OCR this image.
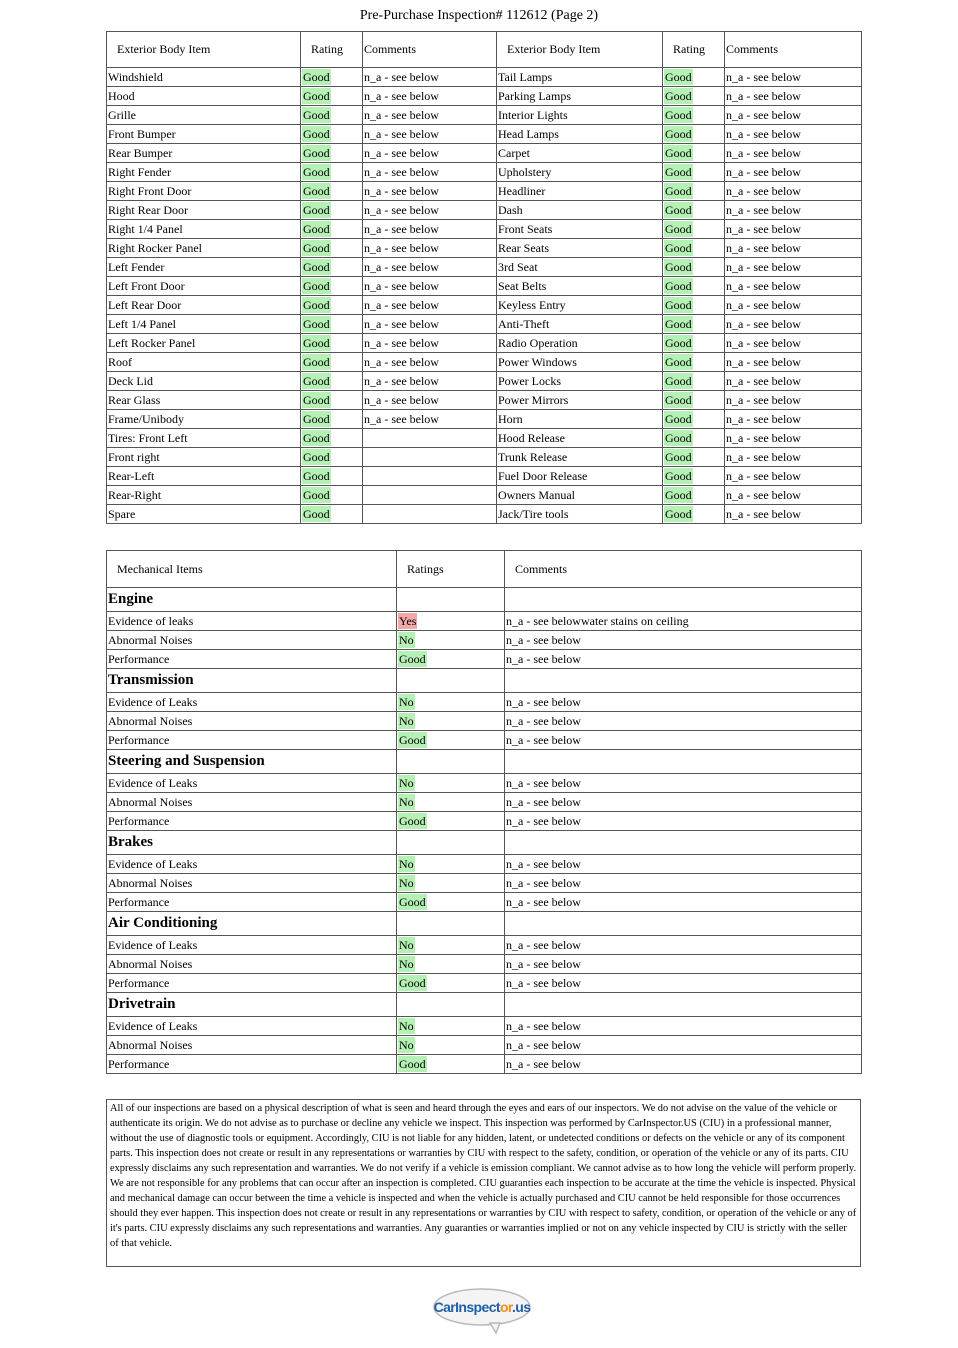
Pre-Purchase Inspection# 112612 (Page 2)
Exterior Body Item	Rating	Comments	Exterior Body Item	Rating	Comments
Windshield	Good	n_a - see below	Tail Lamps	Good	n_a - see below
Hood	Good	n_a - see below	Parking Lamps	Good	n_a - see below
Grille	Good	n_a - see below	Interior Lights	Good	n_a - see below
Front Bumper	Good	n_a - see below	Head Lamps	Good	n_a - see below
Rear Bumper	Good	n_a - see below	Carpet	Good	n_a - see below
Right Fender	Good	n_a - see below	Upholstery	Good	n_a - see below
Right Front Door	Good	n_a - see below	Headliner	Good	n_a - see below
Right Rear Door	Good	n_a - see below	Dash	Good	n_a - see below
Right 1/4 Panel	Good	n_a - see below	Front Seats	Good	n_a - see below
Right Rocker Panel	Good	n_a - see below	Rear Seats	Good	n_a - see below
Left Fender	Good	n_a - see below	3rd Seat	Good	n_a - see below
Left Front Door	Good	n_a - see below	Seat Belts	Good	n_a - see below
Left Rear Door	Good	n_a - see below	Keyless Entry	Good	n_a - see below
Left 1/4 Panel	Good	n_a - see below	Anti-Theft	Good	n_a - see below
Left Rocker Panel	Good	n_a - see below	Radio Operation	Good	n_a - see below
Roof	Good	n_a - see below	Power Windows	Good	n_a - see below
Deck Lid	Good	n_a - see below	Power Locks	Good	n_a - see below
Rear Glass	Good	n_a - see below	Power Mirrors	Good	n_a - see below
Frame/Unibody	Good	n_a - see below	Horn	Good	n_a - see below
Tires: Front Left	Good		Hood Release	Good	n_a - see below
Front right	Good		Trunk Release	Good	n_a - see below
Rear-Left	Good		Fuel Door Release	Good	n_a - see below
Rear-Right	Good		Owners Manual	Good	n_a - see below
Spare	Good		Jack/Tire tools	Good	n_a - see below
Mechanical Items	Ratings	Comments
Engine		
Evidence of leaks	Yes	n_a - see belowwater stains on ceiling
Abnormal Noises	No	n_a - see below
Performance	Good	n_a - see below
Transmission		
Evidence of Leaks	No	n_a - see below
Abnormal Noises	No	n_a - see below
Performance	Good	n_a - see below
Steering and Suspension		
Evidence of Leaks	No	n_a - see below
Abnormal Noises	No	n_a - see below
Performance	Good	n_a - see below
Brakes		
Evidence of Leaks	No	n_a - see below
Abnormal Noises	No	n_a - see below
Performance	Good	n_a - see below
Air Conditioning		
Evidence of Leaks	No	n_a - see below
Abnormal Noises	No	n_a - see below
Performance	Good	n_a - see below
Drivetrain		
Evidence of Leaks	No	n_a - see below
Abnormal Noises	No	n_a - see below
Performance	Good	n_a - see below
All of our inspections are based on a physical description of what is seen and heard through the eyes and ears of our inspectors. We do not advise on the value of the vehicle or authenticate its origin. We do not advise as to purchase or decline any vehicle we inspect. This inspection was performed by CarInspector.US (CIU) in a professional manner, without the use of diagnostic tools or equipment. Accordingly, CIU is not liable for any hidden, latent, or undetected conditions or defects on the vehicle or any of its component parts. This inspection does not create or result in any representations or warranties by CIU with respect to the safety, condition, or operation of the vehicle or any of its parts. CIU expressly disclaims any such representation and warranties. We do not verify if a vehicle is emission compliant. We cannot advise as to how long the vehicle will perform properly. We are not responsible for any problems that can occur after an inspection is completed. CIU guaranties each inspection to be accurate at the time the vehicle is inspected. Physical and mechanical damage can occur between the time a vehicle is inspected and when the vehicle is actually purchased and CIU cannot be held responsible for those occurrences should they ever happen. This inspection does not create or result in any representations or warranties by CIU with respect to safety, condition, or operation of the vehicle or any of it's parts. CIU expressly disclaims any such representations and warranties. Any guaranties or warranties implied or not on any vehicle inspected by CIU is strictly with the seller of that vehicle.
CarInspector.us
